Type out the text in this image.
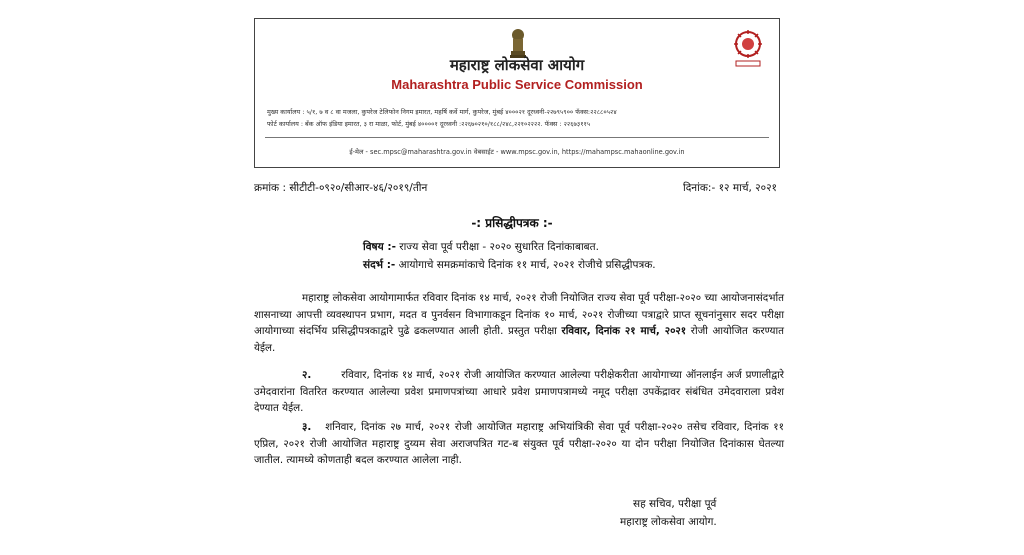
महाराष्ट्र लोकसेवा आयोग
Maharashtra Public Service Commission
मुख्य कार्यालय : ५/१, ७ व ८ वा मजला, कुपरेज टेलिफोन निगम इमारत, महर्षि कर्वे मार्ग, कुपरेज, मुंबई ४०००२१ दूरध्वनी-२२७९५९०० फॅक्स:२२८८०५२४
फोर्ट कार्यालय : बँक ऑफ इंडिया इमारत, ३ रा माळा, फोर्ट, मुंबई ४००००१ दूरध्वनी :२२६७०२१०/१८८/२४८,२२१०२२२२. फॅक्स : २२६७३११५
ई-मेल - sec.mpsc@maharashtra.gov.in वेबसाईट - www.mpsc.gov.in, https://mahampsc.mahaonline.gov.in
क्रमांक : सीटीटी-०९२०/सीआर-४६/२०१९/तीन	दिनांक:- १२ मार्च, २०२१
-: प्रसिद्धीपत्रक :-
विषय :- राज्य सेवा पूर्व परीक्षा - २०२० सुधारित दिनांकाबाबत.
संदर्भ :- आयोगाचे समक्रमांकाचे दिनांक ११ मार्च, २०२१ रोजीचे प्रसिद्धीपत्रक.
महाराष्ट्र लोकसेवा आयोगामार्फत रविवार दिनांक १४ मार्च, २०२१ रोजी नियोजित राज्य सेवा पूर्व परीक्षा-२०२० च्या आयोजनासंदर्भात शासनाच्या आपत्ती व्यवस्थापन प्रभाग, मदत व पुनर्वसन विभागाकडून दिनांक १० मार्च, २०२१ रोजीच्या पत्राद्वारे प्राप्त सूचनांनुसार सदर परीक्षा आयोगाच्या संदर्भिय प्रसिद्धीपत्रकाद्वारे पुढे ढकलण्यात आली होती. प्रस्तुत परीक्षा रविवार, दिनांक २१ मार्च, २०२१ रोजी आयोजित करण्यात येईल.
२.	रविवार, दिनांक १४ मार्च, २०२१ रोजी आयोजित करण्यात आलेल्या परीक्षेकरीता आयोगाच्या ऑनलाईन अर्ज प्रणालीद्वारे उमेदवारांना वितरित करण्यात आलेल्या प्रवेश प्रमाणपत्रांच्या आधारे प्रवेश प्रमाणपत्रामध्ये नमूद परीक्षा उपकेंद्रावर संबंधित उमेदवाराला प्रवेश देण्यात येईल.
३. शनिवार, दिनांक २७ मार्च, २०२१ रोजी आयोजित महाराष्ट्र अभियांत्रिकी सेवा पूर्व परीक्षा-२०२० तसेच रविवार, दिनांक ११ एप्रिल, २०२१ रोजी आयोजित महाराष्ट्र दुय्यम सेवा अराजपत्रित गट-ब संयुक्त पूर्व परीक्षा-२०२० या दोन परीक्षा नियोजित दिनांकास घेतल्या जातील. त्यामध्ये कोणताही बदल करण्यात आलेला नाही.
सह सचिव, परीक्षा पूर्व
महाराष्ट्र लोकसेवा आयोग.
